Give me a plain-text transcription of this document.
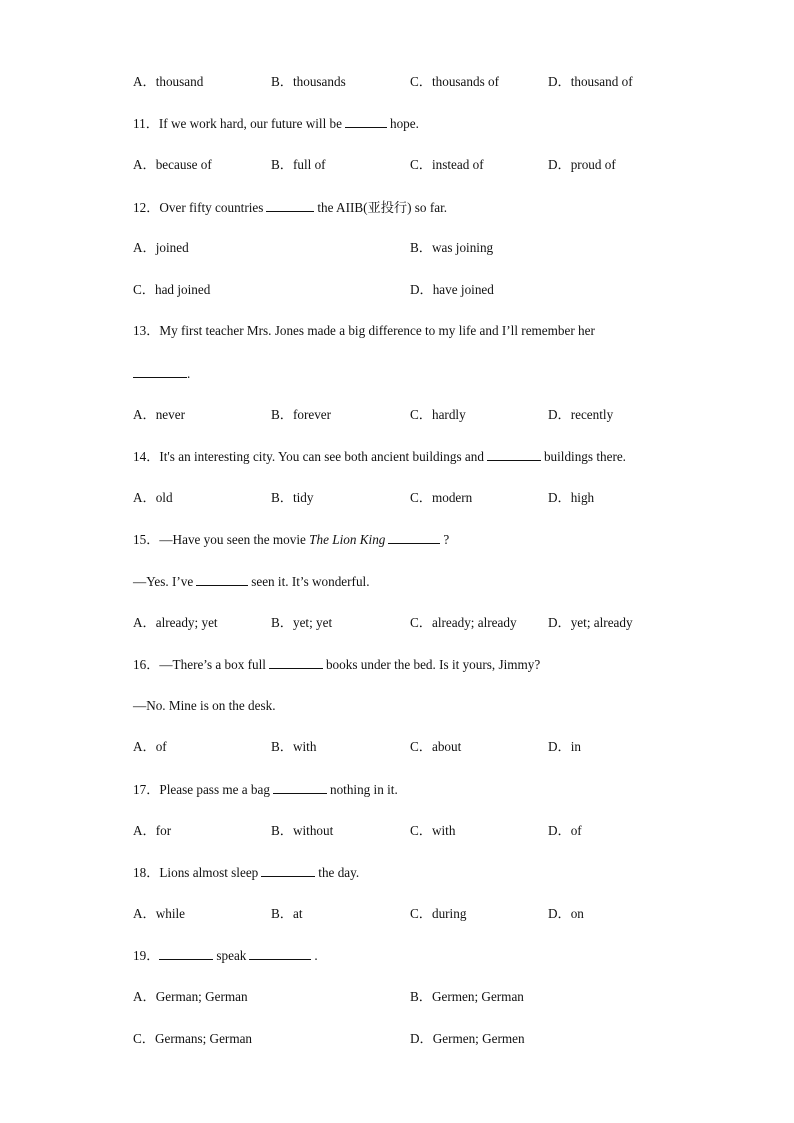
A．thousand	B．thousands	C．thousands of	D．thousand of
11．If we work hard, our future will be	hope.
A．because of	B．full of	C．instead of	D．proud of
12．Over fifty countries	the AIIB(亚投行) so far.
A．joined	B．was joining
C．had joined	D．have joined
13．My first teacher Mrs. Jones made a big difference to my life and I’ll remember her
.
A．never	B．forever	C．hardly	D．recently
14．It's an interesting city. You can see both ancient buildings and	buildings there.
A．old	B．tidy	C．modern	D．high
15．—Have you seen the movie The Lion King	?
—Yes. I’ve	seen it. It’s wonderful.
A．already; yet	B．yet; yet	C．already; already D．yet; already
16．—There’s a box full	books under the bed. Is it yours, Jimmy?
—No. Mine is on the desk.
A．of	B．with	C．about	D．in
17．Please pass me a bag	nothing in it.
A．for	B．without	C．with	D．of
18．Lions almost sleep	the day.
A．while	B．at	C．during	D．on
19．	speak	.
A．German; German	B．Germen; German
C．Germans; German	D．Germen; Germen
